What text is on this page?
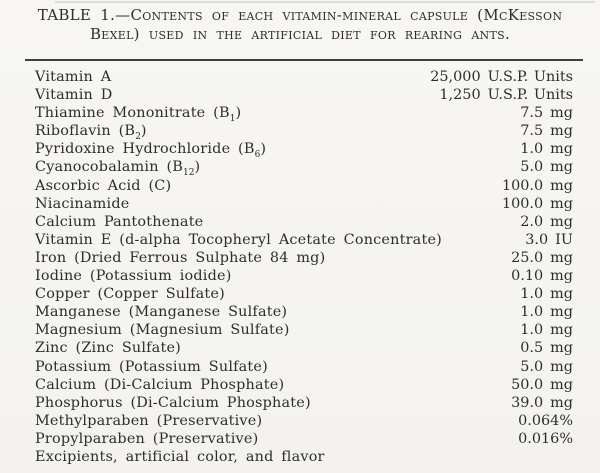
TABLE 1.—Contents of each vitamin-mineral capsule (McKesson
Bexel) used in the artificial diet for rearing ants.
Vitamin A	25,000 U.S.P. Units
Vitamin D	1,250 U.S.P. Units
Thiamine Mononitrate $(B_1)$	7.5 mg
Riboflavin $(B_2)$	7.5 mg
Pyridoxine Hydrochloride $(B_6)$	1.0 mg
Cyanocobalamin $(B_{12})$	5.0 mg
Ascorbic Acid (C)	100.0 mg
Niacinamide	100.0 mg
Calcium Pantothenate	2.0 mg
Vitamin E (d-alpha Tocopheryl Acetate Concentrate)	3.0 IU
Iron (Dried Ferrous Sulphate 84 mg)	25.0 mg
Iodine (Potassium iodide)	0.10 mg
Copper (Copper Sulfate)	1.0 mg
Manganese (Manganese Sulfate)	1.0 mg
Magnesium (Magnesium Sulfate)	1.0 mg
Zinc (Zinc Sulfate)	0.5 mg
Potassium (Potassium Sulfate)	5.0 mg
Calcium (Di-Calcium Phosphate)	50.0 mg
Phosphorus (Di-Calcium Phosphate)	39.0 mg
Methylparaben (Preservative)	0.064%
Propylparaben (Preservative)	0.016%
Excipients, artificial color, and flavor
